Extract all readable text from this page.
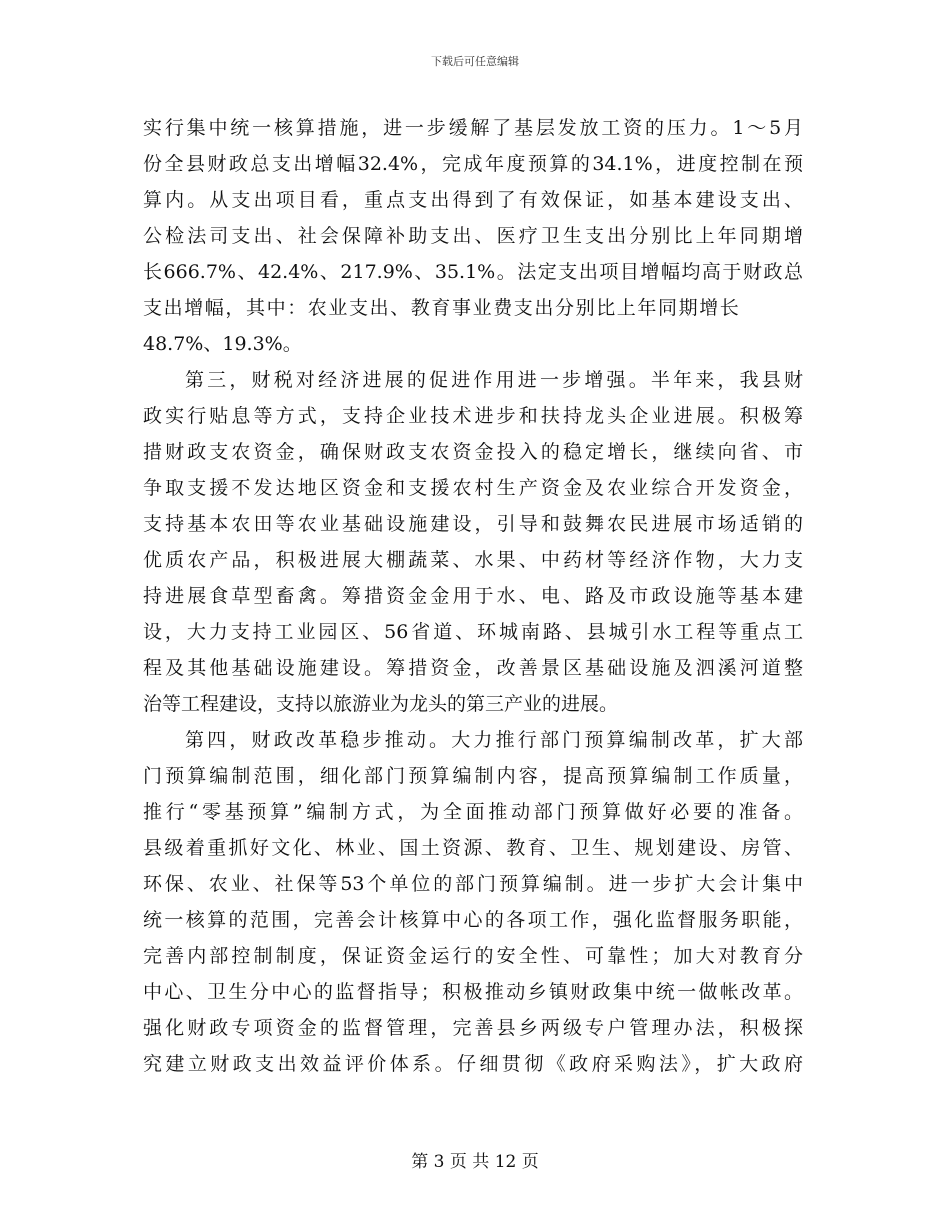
下载后可任意编辑
实行集中统一核算措施，进一步缓解了基层发放工资的压力。1～5月
份全县财政总支出增幅32.4%，完成年度预算的34.1%，进度控制在预
算内。从支出项目看，重点支出得到了有效保证，如基本建设支出、
公检法司支出、社会保障补助支出、医疗卫生支出分别比上年同期增
长666.7%、42.4%、217.9%、35.1%。法定支出项目增幅均高于财政总
支出增幅，其中：农业支出、教育事业费支出分别比上年同期增长
48.7%、19.3%。
第三，财税对经济进展的促进作用进一步增强。半年来，我县财
政实行贴息等方式，支持企业技术进步和扶持龙头企业进展。积极筹
措财政支农资金，确保财政支农资金投入的稳定增长，继续向省、市
争取支援不发达地区资金和支援农村生产资金及农业综合开发资金，
支持基本农田等农业基础设施建设，引导和鼓舞农民进展市场适销的
优质农产品，积极进展大棚蔬菜、水果、中药材等经济作物，大力支
持进展食草型畜禽。筹措资金金用于水、电、路及市政设施等基本建
设，大力支持工业园区、56省道、环城南路、县城引水工程等重点工
程及其他基础设施建设。筹措资金，改善景区基础设施及泗溪河道整
治等工程建设，支持以旅游业为龙头的第三产业的进展。
第四，财政改革稳步推动。大力推行部门预算编制改革，扩大部
门预算编制范围，细化部门预算编制内容，提高预算编制工作质量，
推行“零基预算”编制方式，为全面推动部门预算做好必要的准备。
县级着重抓好文化、林业、国土资源、教育、卫生、规划建设、房管、
环保、农业、社保等53个单位的部门预算编制。进一步扩大会计集中
统一核算的范围，完善会计核算中心的各项工作，强化监督服务职能，
完善内部控制制度，保证资金运行的安全性、可靠性；加大对教育分
中心、卫生分中心的监督指导；积极推动乡镇财政集中统一做帐改革。
强化财政专项资金的监督管理，完善县乡两级专户管理办法，积极探
究建立财政支出效益评价体系。仔细贯彻《政府采购法》，扩大政府
第 3 页 共 12 页
